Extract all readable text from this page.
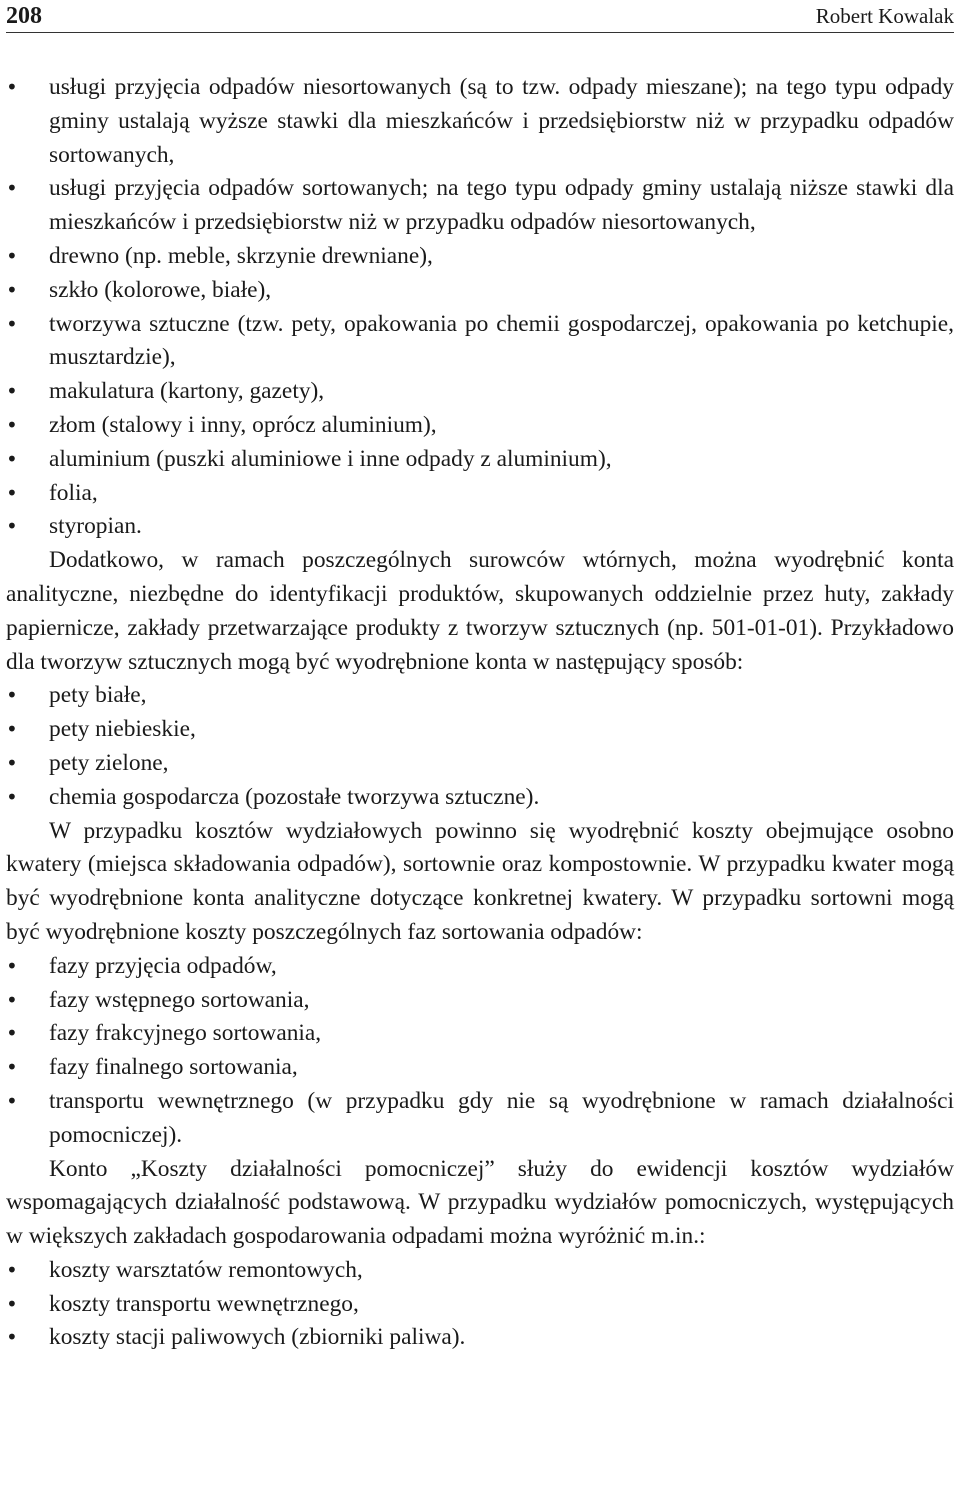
208	Robert Kowalak
• usługi przyjęcia odpadów niesortowanych (są to tzw. odpady mieszane); na tego typu odpady gminy ustalają wyższe stawki dla mieszkańców i przedsiębiorstw niż w przypadku odpadów sortowanych,
• usługi przyjęcia odpadów sortowanych; na tego typu odpady gminy ustalają niższe stawki dla mieszkańców i przedsiębiorstw niż w przypadku odpadów niesortowanych,
• drewno (np. meble, skrzynie drewniane),
• szkło (kolorowe, białe),
• tworzywa sztuczne (tzw. pety, opakowania po chemii gospodarczej, opakowania po ketchupie, musztardzie),
• makulatura (kartony, gazety),
• złom (stalowy i inny, oprócz aluminium),
• aluminium (puszki aluminiowe i inne odpady z aluminium),
• folia,
• styropian.

Dodatkowo, w ramach poszczególnych surowców wtórnych, można wyodrębnić konta analityczne, niezbędne do identyfikacji produktów, skupowanych oddzielnie przez huty, zakłady papiernicze, zakłady przetwarzające produkty z tworzyw sztucznych (np. 501-01-01). Przykładowo dla tworzyw sztucznych mogą być wyodrębnione konta w następujący sposób:

• pety białe,
• pety niebieskie,
• pety zielone,
• chemia gospodarcza (pozostałe tworzywa sztuczne).

W przypadku kosztów wydziałowych powinno się wyodrębnić koszty obejmujące osobno kwatery (miejsca składowania odpadów), sortownie oraz kompostownie. W przypadku kwater mogą być wyodrębnione konta analityczne dotyczące konkretnej kwatery. W przypadku sortowni mogą być wyodrębnione koszty poszczególnych faz sortowania odpadów:

• fazy przyjęcia odpadów,
• fazy wstępnego sortowania,
• fazy frakcyjnego sortowania,
• fazy finalnego sortowania,
• transportu wewnętrznego (w przypadku gdy nie są wyodrębnione w ramach działalności pomocniczej).

Konto „Koszty działalności pomocniczej” służy do ewidencji kosztów wydziałów wspomagających działalność podstawową. W przypadku wydziałów pomocniczych, występujących w większych zakładach gospodarowania odpadami można wyróżnić m.in.:

• koszty warsztatów remontowych,
• koszty transportu wewnętrznego,
• koszty stacji paliwowych (zbiorniki paliwa).
